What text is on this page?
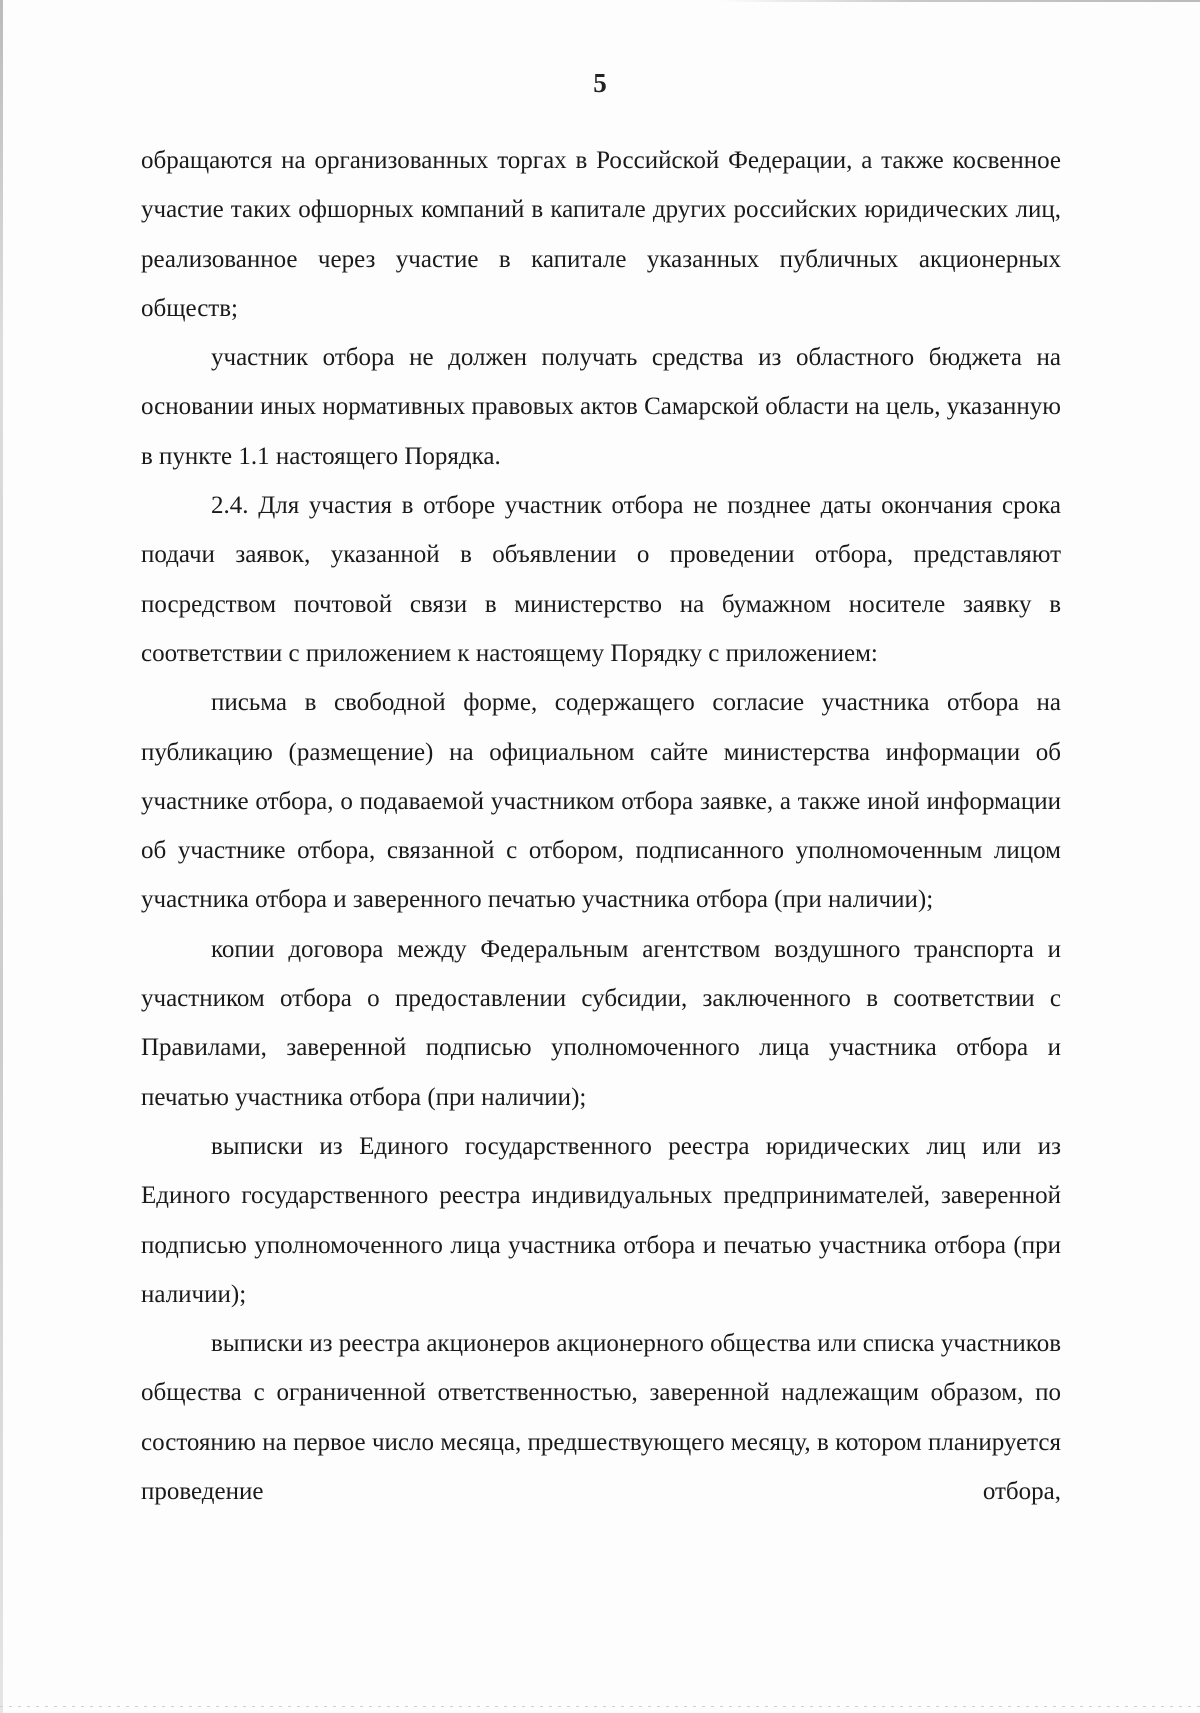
5

обращаются на организованных торгах в Российской Федерации, а также косвенное участие таких офшорных компаний в капитале других российских юридических лиц, реализованное через участие в капитале указанных публичных акционерных обществ;

участник отбора не должен получать средства из областного бюджета на основании иных нормативных правовых актов Самарской области на цель, указанную в пункте 1.1 настоящего Порядка.

2.4. Для участия в отборе участник отбора не позднее даты окончания срока подачи заявок, указанной в объявлении о проведении отбора, представляют посредством почтовой связи в министерство на бумажном носителе заявку в соответствии с приложением к настоящему Порядку с приложением:

письма в свободной форме, содержащего согласие участника отбора на публикацию (размещение) на официальном сайте министерства информации об участнике отбора, о подаваемой участником отбора заявке, а также иной информации об участнике отбора, связанной с отбором, подписанного уполномоченным лицом участника отбора и заверенного печатью участника отбора (при наличии);

копии договора между Федеральным агентством воздушного транспорта и участником отбора о предоставлении субсидии, заключенного в соответствии с Правилами, заверенной подписью уполномоченного лица участника отбора и печатью участника отбора (при наличии);

выписки из Единого государственного реестра юридических лиц или из Единого государственного реестра индивидуальных предпринимателей, заверенной подписью уполномоченного лица участника отбора и печатью участника отбора (при наличии);

выписки из реестра акционеров акционерного общества или списка участников общества с ограниченной ответственностью, заверенной надлежащим образом, по состоянию на первое число месяца, предшествующего месяцу, в котором планируется проведение отбора,
